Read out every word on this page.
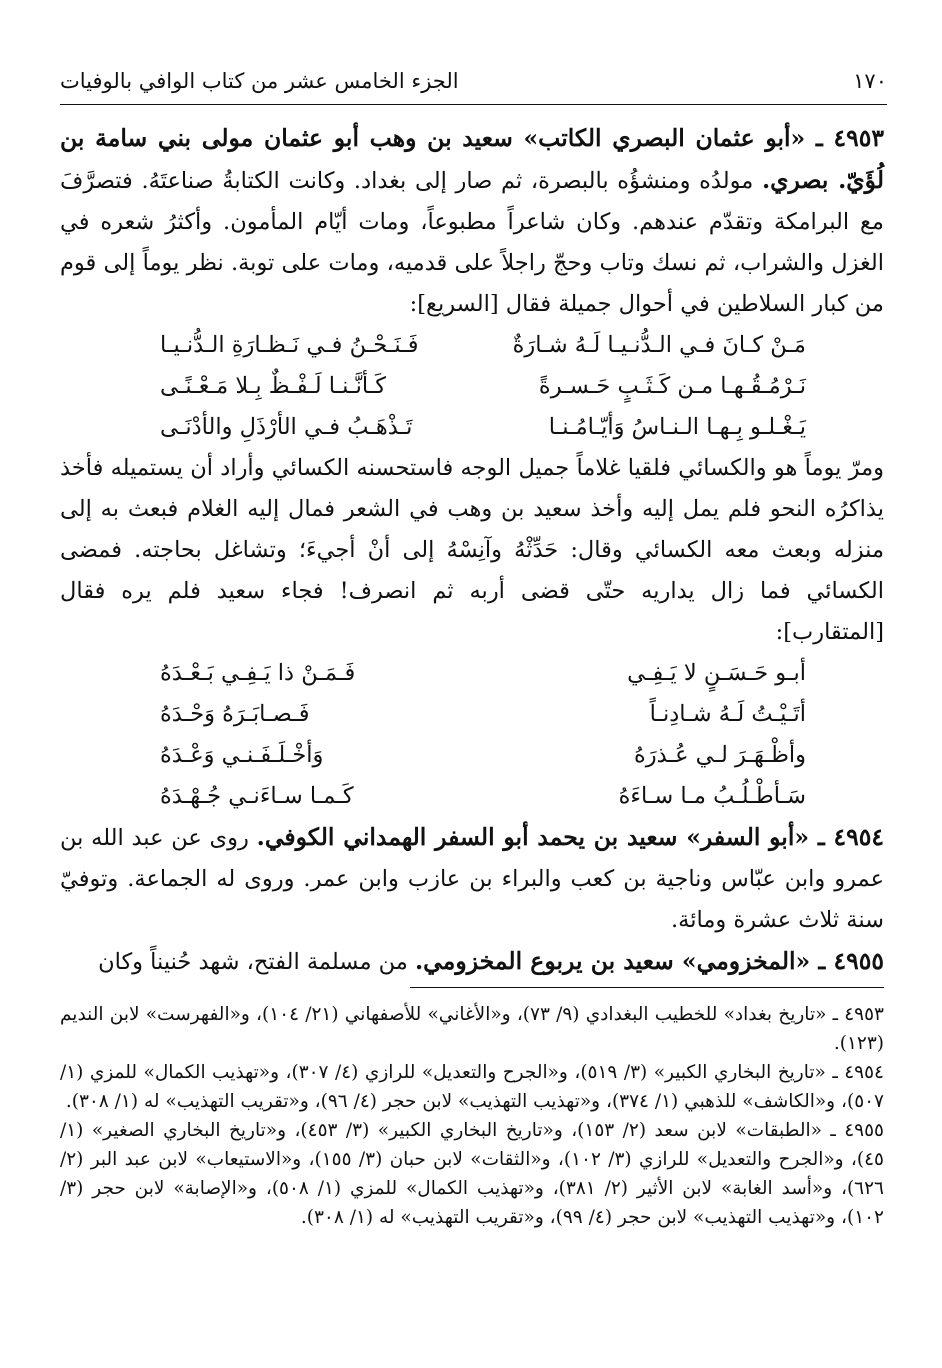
١٧٠
الجزء الخامس عشر من كتاب الوافي بالوفيات

٤٩٥٣ ـ «أبو عثمان البصري الكاتب» سعيد بن وهب أبو عثمان مولى بني سامة بن لُؤَيّ. بصري. مولدُه ومنشؤُه بالبصرة، ثم صار إلى بغداد. وكانت الكتابةُ صناعتَهُ. فتصرَّفَ مع البرامكة وتقدّم عندهم. وكان شاعراً مطبوعاً، ومات أيّام المأمون. وأكثرُ شعره في الغزل والشراب، ثم نسك وتاب وحجّ راجلاً على قدميه، ومات على توبة. نظر يوماً إلى قوم من كبار السلاطين في أحوال جميلة فقال [السريع]:

مَـنْ كـانَ فـي الـدُّنـيـا لَـهُ شـارَةٌ
فَـنَـحْـنُ فـي نَـظـارَةِ الـدُّنـيـا
نَـرْمُـقُـهـا مـن كَـثَـبٍ حَـسـرةً
كَـأنَّـنـا لَـفْـظٌ بِـلا مَـعْـنًـى
يَـغْـلـو بِـهـا الـنـاسُ وَأيّـامُـنـا
تَـذْهَـبُ فـي الأرْذَلِ والأدْنَـى

ومرّ يوماً هو والكسائي فلقيا غلاماً جميل الوجه فاستحسنه الكسائي وأراد أن يستميله فأخذ يذاكرُه النحو فلم يمل إليه وأخذ سعيد بن وهب في الشعر فمال إليه الغلام فبعث به إلى منزله وبعث معه الكسائي وقال: حَدِّثْهُ وآنِسْهُ إلى أنْ أجيءَ؛ وتشاغل بحاجته. فمضى الكسائي فما زال يداريه حتّى قضى أربه ثم انصرف! فجاء سعيد فلم يره فقال [المتقارب]:

أبـو حَـسَـنٍ لا يَـفِـي
فَـمَـنْ ذا يَـفِـي بَـعْـدَهُ
أتَـيْـتُ لَـهُ شـادِنـاً
فَـصـابَـرَهُ وَحْـدَهُ
وأظْـهَـرَ لـي عُـذرَهُ
وَأخْـلَـفَـنـي وَعْـدَهُ
سَـأطْـلُـبُ مـا سـاءَهُ
كَـمـا سـاءَنـي جُـهْـدَهُ

٤٩٥٤ ـ «أبو السفر» سعيد بن يحمد أبو السفر الهمداني الكوفي. روى عن عبد الله بن عمرو وابن عبّاس وناجية بن كعب والبراء بن عازب وابن عمر. وروى له الجماعة. وتوفيّ سنة ثلاث عشرة ومائة.

٤٩٥٥ ـ «المخزومي» سعيد بن يربوع المخزومي. من مسلمة الفتح، شهد حُنيناً وكان

٤٩٥٣ ـ «تاريخ بغداد» للخطيب البغدادي (٩/ ٧٣)، و«الأغاني» للأصفهاني (٢١/ ١٠٤)، و«الفهرست» لابن النديم (١٢٣).

٤٩٥٤ ـ «تاريخ البخاري الكبير» (٣/ ٥١٩)، و«الجرح والتعديل» للرازي (٤/ ٣٠٧)، و«تهذيب الكمال» للمزي (١/ ٥٠٧)، و«الكاشف» للذهبي (١/ ٣٧٤)، و«تهذيب التهذيب» لابن حجر (٤/ ٩٦)، و«تقريب التهذيب» له (١/ ٣٠٨).

٤٩٥٥ ـ «الطبقات» لابن سعد (٢/ ١٥٣)، و«تاريخ البخاري الكبير» (٣/ ٤٥٣)، و«تاريخ البخاري الصغير» (١/ ٤٥)، و«الجرح والتعديل» للرازي (٣/ ١٠٢)، و«الثقات» لابن حبان (٣/ ١٥٥)، و«الاستيعاب» لابن عبد البر (٢/ ٦٢٦)، و«أسد الغابة» لابن الأثير (٢/ ٣٨١)، و«تهذيب الكمال» للمزي (١/ ٥٠٨)، و«الإصابة» لابن حجر (٣/ ١٠٢)، و«تهذيب التهذيب» لابن حجر (٤/ ٩٩)، و«تقريب التهذيب» له (١/ ٣٠٨).
